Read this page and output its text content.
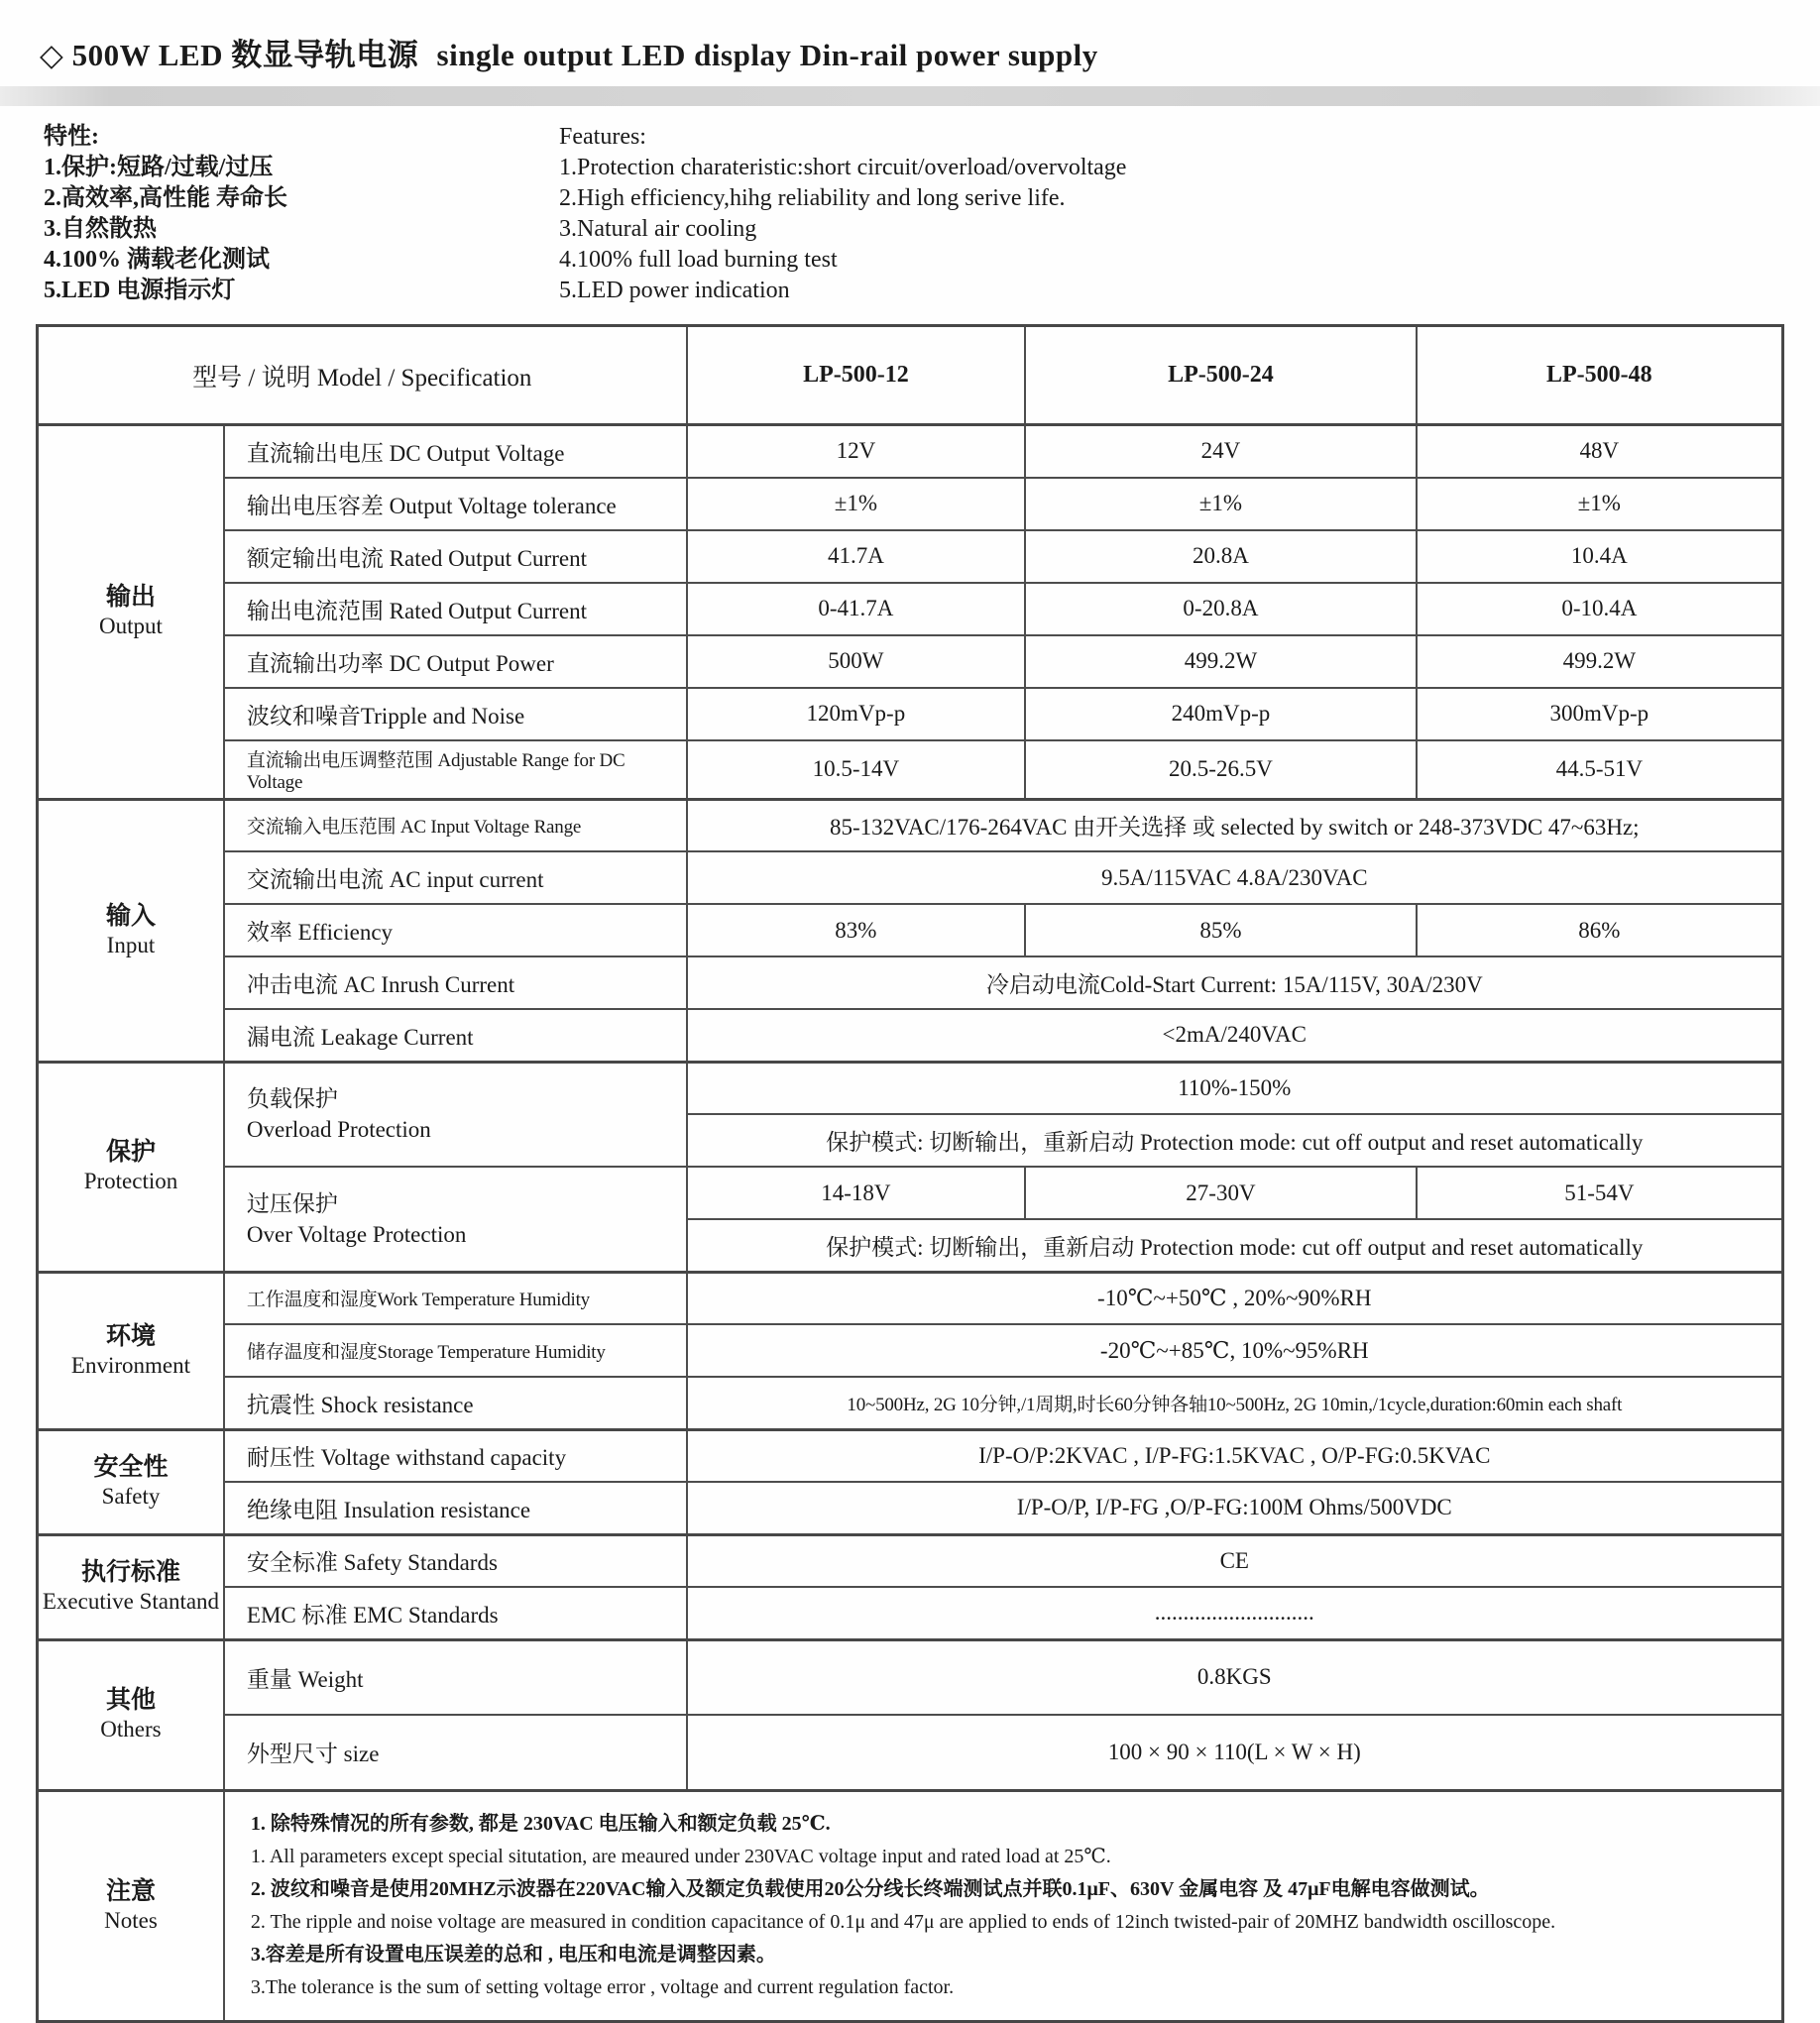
◇ 500W LED 数显导轨电源 single output LED display Din-rail power supply
特性:
1.保护:短路/过载/过压
2.高效率,高性能 寿命长
3.自然散热
4.100% 满载老化测试
5.LED 电源指示灯
Features:
1.Protection charateristic:short circuit/overload/overvoltage
2.High efficiency,hihg reliability and long serive life.
3.Natural air cooling
4.100% full load burning test
5.LED power indication
型号 / 说明 Model / Specification		LP-500-12	LP-500-24	LP-500-48

输出
Output	直流输出电压 DC Output Voltage	12V	24V	48V
	输出电压容差 Output Voltage tolerance	±1%	±1%	±1%
	额定输出电流 Rated Output Current	41.7A	20.8A	10.4A
	输出电流范围 Rated Output Current	0-41.7A	0-20.8A	0-10.4A
	直流输出功率 DC Output Power	500W	499.2W	499.2W
	波纹和噪音Tripple and Noise	120mVp-p	240mVp-p	300mVp-p
	直流输出电压调整范围 Adjustable Range for DC Voltage	10.5-14V	20.5-26.5V	44.5-51V

输入
Input	交流输入电压范围 AC Input Voltage Range	85-132VAC/176-264VAC 由开关选择 或 selected by switch or 248-373VDC 47~63Hz;		
	交流输出电流 AC input current	9.5A/115VAC 4.8A/230VAC		
	效率 Efficiency	83%	85%	86%
	冲击电流 AC Inrush Current	冷启动电流Cold-Start Current: 15A/115V, 30A/230V		
	漏电流 Leakage Current	<2mA/240VAC		

保护
Protection

负载保护
Overload Protection
	110%-150%
		保护模式: 切断输出，重新启动 Protection mode: cut off output and reset automatically		

	过压保护
Over Voltage Protection	14-18V	27-30V	51-54V
		保护模式: 切断输出，重新启动 Protection mode: cut off output and reset automatically		

环境
Environment	工作温度和湿度Work Temperature Humidity	-10℃~+50℃ , 20%~90%RH		
	储存温度和湿度Storage Temperature Humidity	-20℃~+85℃, 10%~95%RH		
	抗震性 Shock resistance	10~500Hz, 2G 10分钟,/1周期,时长60分钟各轴10~500Hz, 2G 10min,/1cycle,duration:60min each shaft		

安全性
Safety	耐压性 Voltage withstand capacity	I/P-O/P:2KVAC , I/P-FG:1.5KVAC , O/P-FG:0.5KVAC		
	绝缘电阻 Insulation resistance	I/P-O/P, I/P-FG ,O/P-FG:100M Ohms/500VDC		

执行标准
Executive Stantand	安全标准 Safety Standards	CE		
	EMC 标准 EMC Standards	............................		

其他
Others	重量 Weight	0.8KGS		
	外型尺寸 size	100 × 90 × 110(L × W × H)		

注意
Notes

1. 除特殊情况的所有参数, 都是 230VAC 电压输入和额定负载 25℃.
1. All parameters except special situtation, are meaured under 230VAC voltage input and rated load at 25℃.
2. 波纹和噪音是使用20MHZ示波器在220VAC输入及额定负载使用20公分线长终端测试点并联0.1μF、630V 金属电容 及 47μF电解电容做测试。
2. The ripple and noise voltage are measured in condition capacitance of 0.1μ and 47μ are applied to ends of 12inch twisted-pair of 20MHZ bandwidth oscilloscope.
3.容差是所有设置电压误差的总和 , 电压和电流是调整因素。
3.The tolerance is the sum of setting voltage error , voltage and current regulation factor.
